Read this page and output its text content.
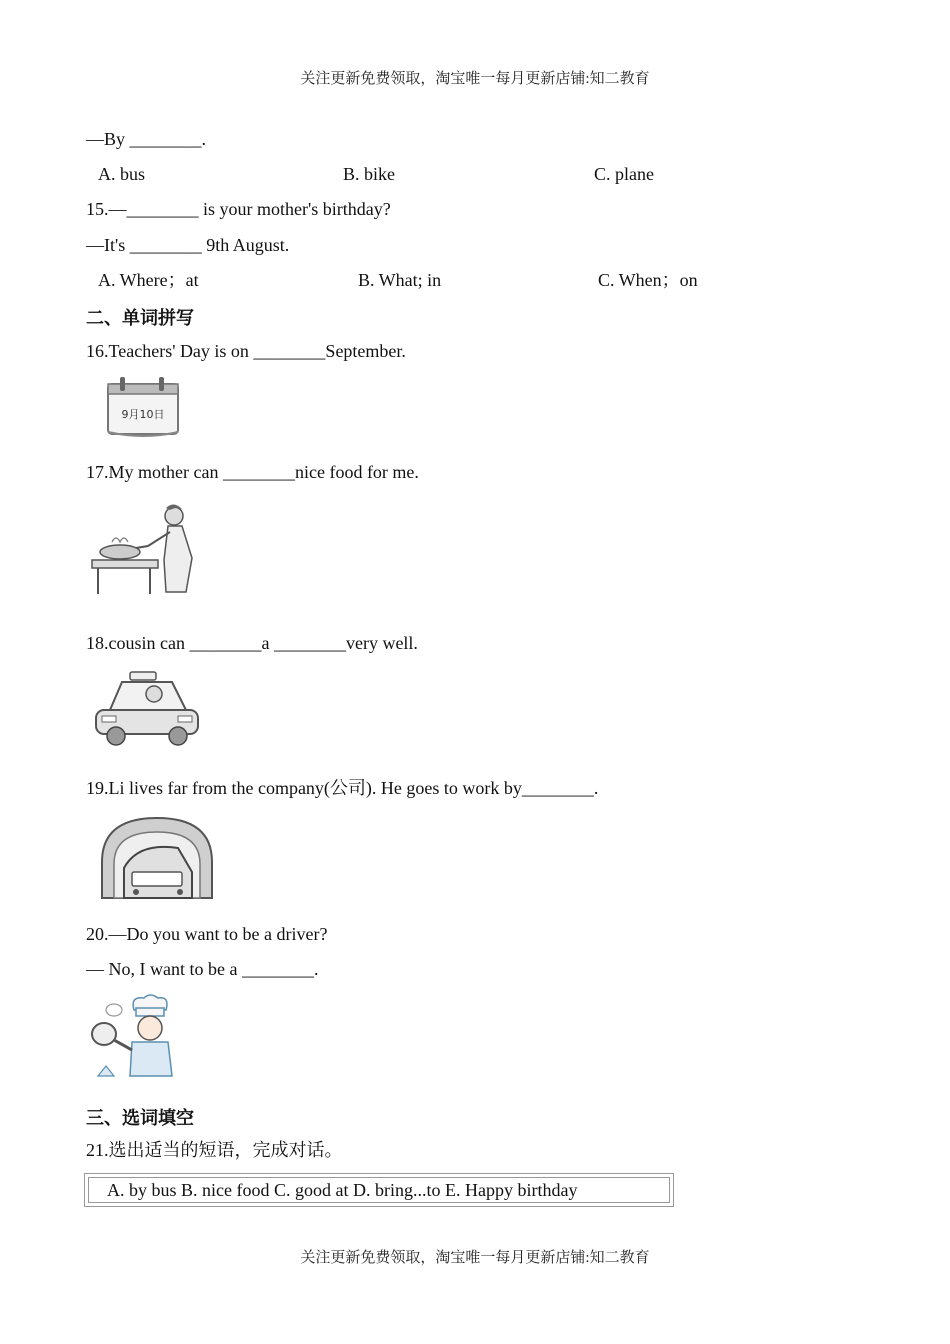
关注更新免费领取，淘宝唯一每月更新店铺:知二教育
—By ________.
A. bus	B. bike	C. plane
15.—________ is your mother's birthday?
—It's ________ 9th August.
A. Where；at	B. What; in	C. When；on
二、单词拼写
16.Teachers' Day is on ________September.
9月10日
17.My mother can ________nice food for me.
18.cousin can ________a ________very well.
19.Li lives far from the company(公司). He goes to work by________.
20.—Do you want to be a driver?
— No, I want to be a ________.
三、选词填空
21.选出适当的短语，完成对话。
A. by bus B. nice food C. good at D. bring...to E. Happy birthday
关注更新免费领取，淘宝唯一每月更新店铺:知二教育
